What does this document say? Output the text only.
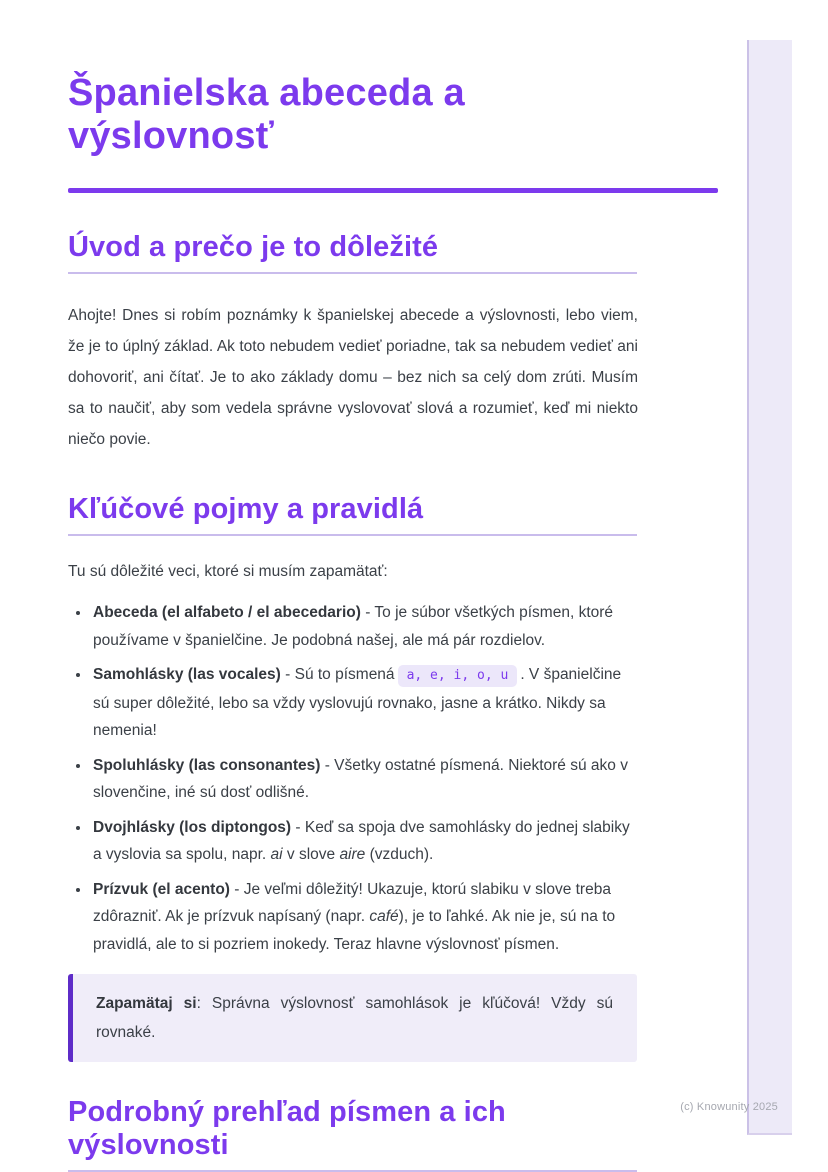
Španielska abeceda a výslovnosť
Úvod a prečo je to dôležité

Ahojte! Dnes si robím poznámky k španielskej abecede a výslovnosti, lebo viem, že je to úplný základ. Ak toto nebudem vedieť poriadne, tak sa nebudem vedieť ani dohovoriť, ani čítať. Je to ako základy domu – bez nich sa celý dom zrúti. Musím sa to naučiť, aby som vedela správne vyslovovať slová a rozumieť, keď mi niekto niečo povie.

Kľúčové pojmy a pravidlá

Tu sú dôležité veci, ktoré si musím zapamätať:

• Abeceda (el alfabeto / el abecedario) - To je súbor všetkých písmen, ktoré používame v španielčine. Je podobná našej, ale má pár rozdielov.
• Samohlásky (las vocales) - Sú to písmená a, e, i, o, u . V španielčine sú super dôležité, lebo sa vždy vyslovujú rovnako, jasne a krátko. Nikdy sa nemenia!
• Spoluhlásky (las consonantes) - Všetky ostatné písmená. Niektoré sú ako v slovenčine, iné sú dosť odlišné.
• Dvojhlásky (los diptongos) - Keď sa spoja dve samohlásky do jednej slabiky a vyslovia sa spolu, napr. ai v slove aire (vzduch).
• Prízvuk (el acento) - Je veľmi dôležitý! Ukazuje, ktorú slabiku v slove treba zdôrazniť. Ak je prízvuk napísaný (napr. café), je to ľahké. Ak nie je, sú na to pravidlá, ale to si pozriem inokedy. Teraz hlavne výslovnosť písmen.

Zapamätaj si: Správna výslovnosť samohlások je kľúčová! Vždy sú rovnaké.

Podrobný prehľad písmen a ich výslovnosti
(c) Knowunity 2025
